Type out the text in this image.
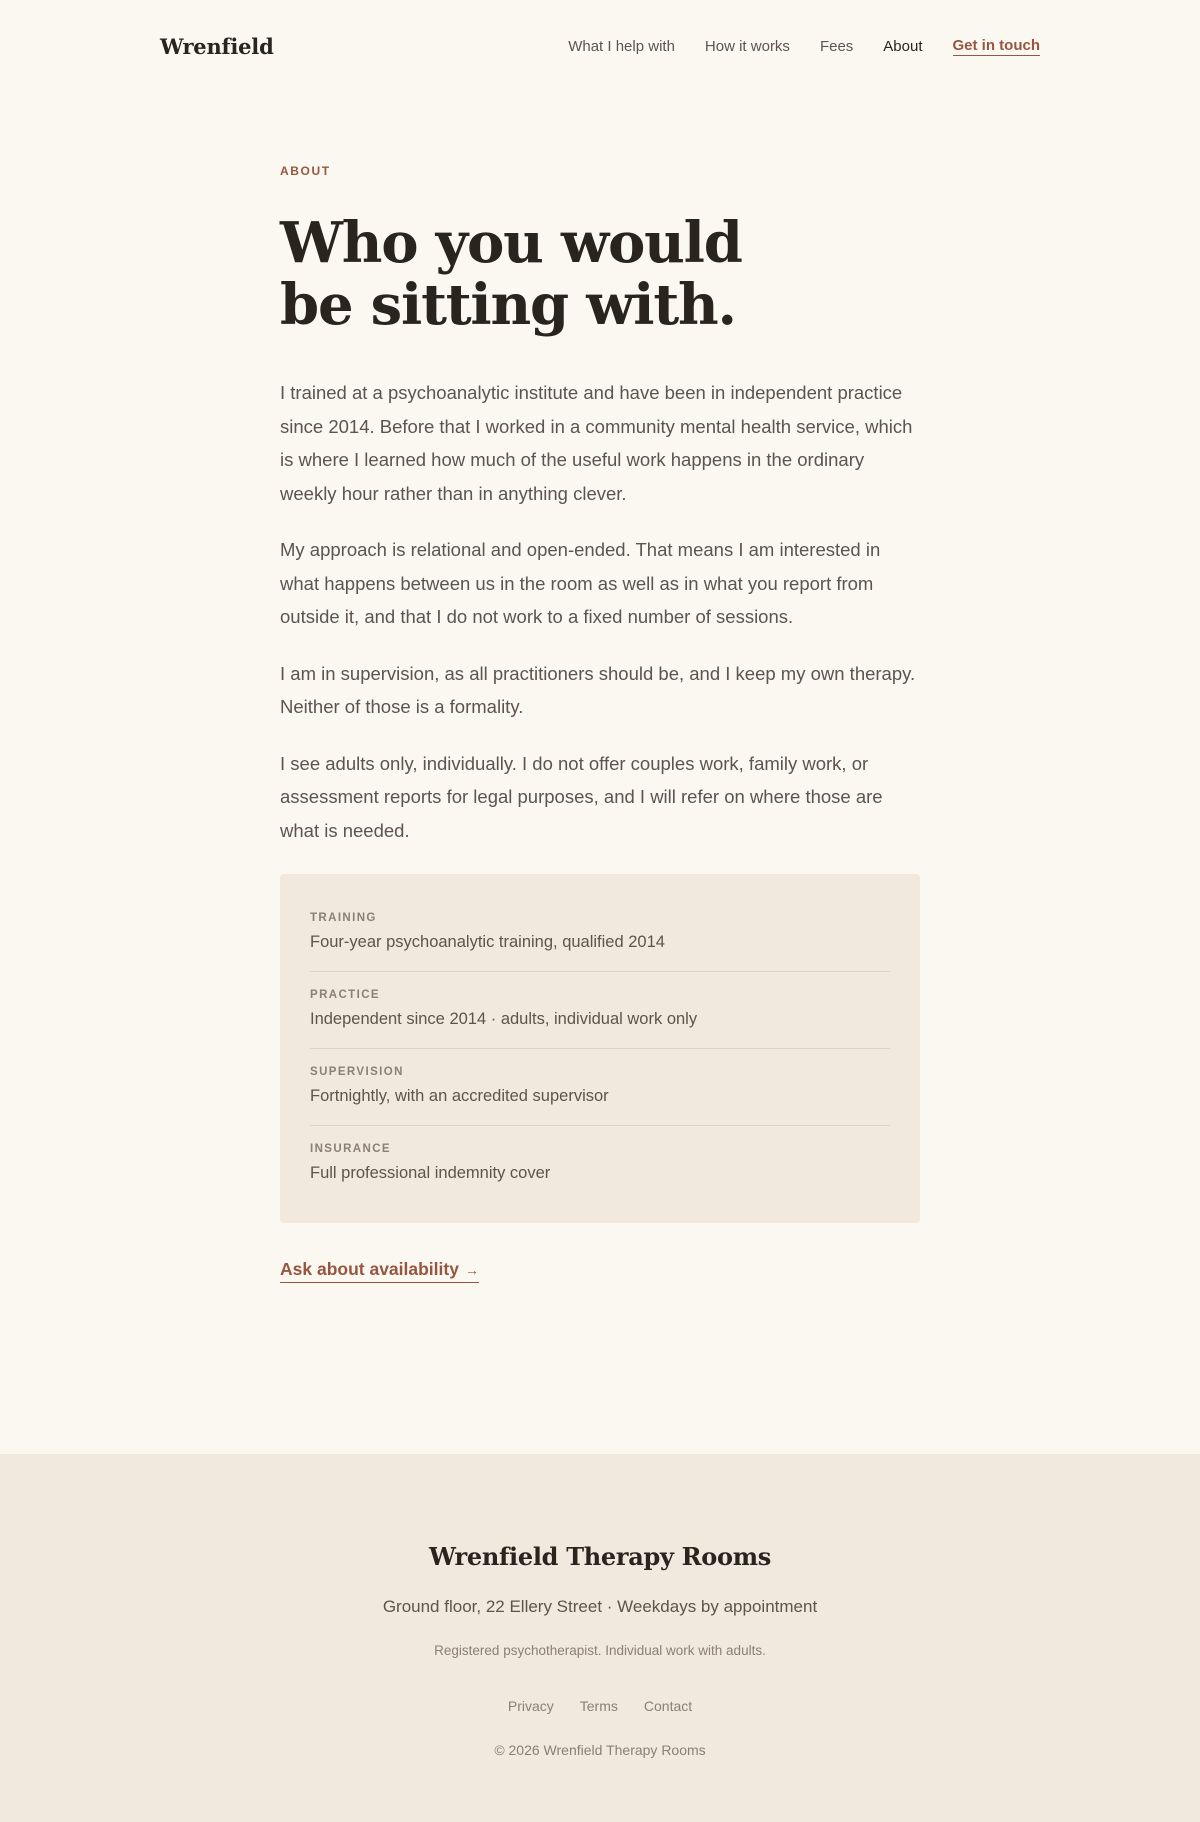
Wrenfield	What I help with How it works Fees About Get in touch
ABOUT
Who you would
be sitting with.

I trained at a psychoanalytic institute and have been in independent practice since 2014. Before that I worked in a community mental health service, which is where I learned how much of the useful work happens in the ordinary weekly hour rather than in anything clever.

My approach is relational and open-ended. That means I am interested in what happens between us in the room as well as in what you report from outside it, and that I do not work to a fixed number of sessions.

I am in supervision, as all practitioners should be, and I keep my own therapy. Neither of those is a formality.

I see adults only, individually. I do not offer couples work, family work, or assessment reports for legal purposes, and I will refer on where those are what is needed.

TRAINING
Four-year psychoanalytic training, qualified 2014
PRACTICE
Independent since 2014 · adults, individual work only
SUPERVISION
Fortnightly, with an accredited supervisor
INSURANCE
Full professional indemnity cover
Ask about availability →
Wrenfield Therapy Rooms
Ground floor, 22 Ellery Street · Weekdays by appointment
Registered psychotherapist. Individual work with adults.
Privacy Terms Contact
© 2026 Wrenfield Therapy Rooms
